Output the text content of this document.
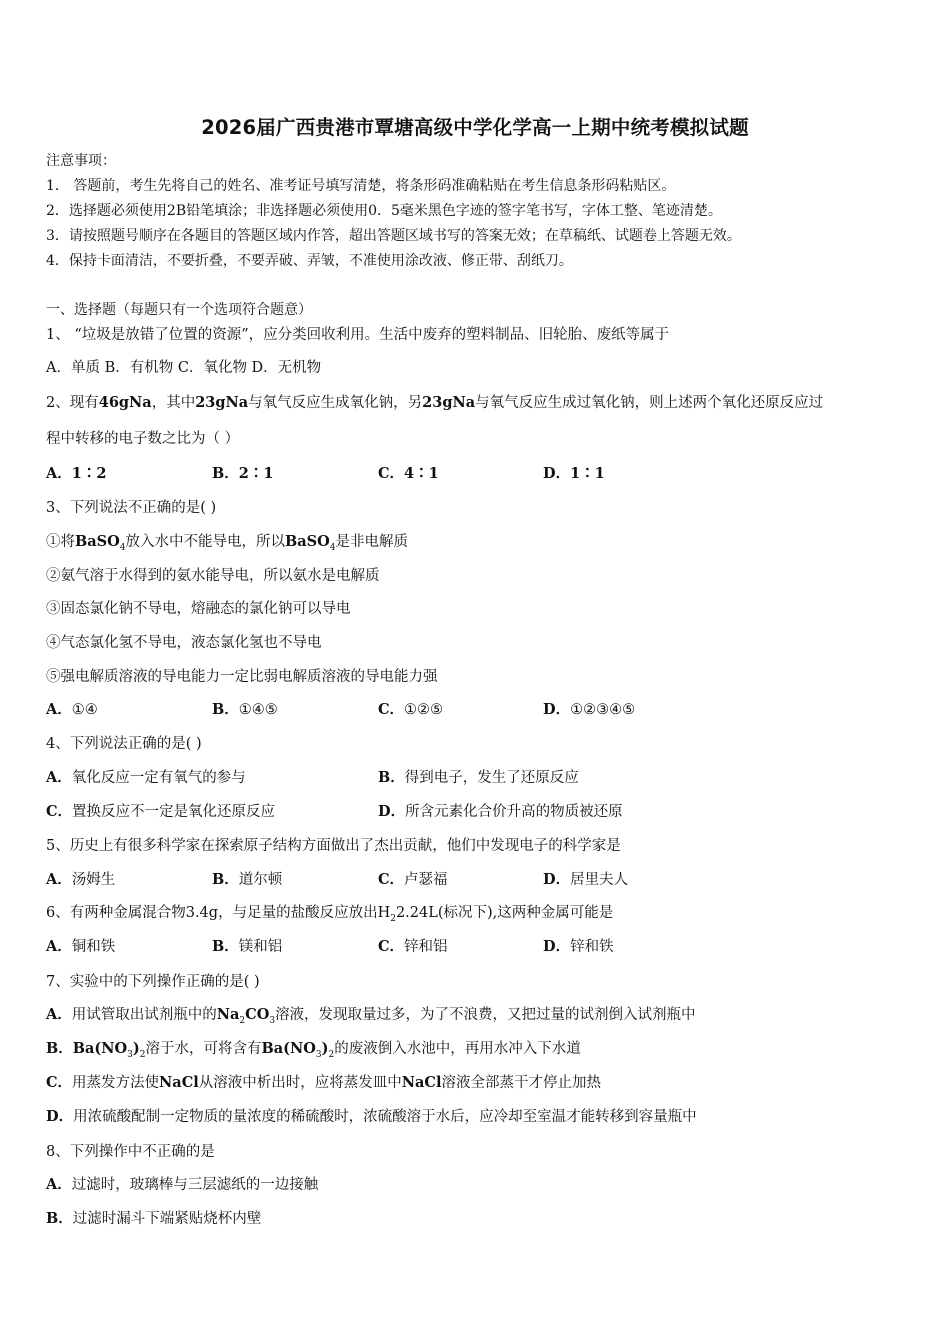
2026届广西贵港市覃塘高级中学化学高一上期中统考模拟试题
注意事项：
1． 答题前，考生先将自己的姓名、准考证号填写清楚，将条形码准确粘贴在考生信息条形码粘贴区。
2．选择题必须使用2B铅笔填涂；非选择题必须使用0．5毫米黑色字迹的签字笔书写，字体工整、笔迹清楚。
3．请按照题号顺序在各题目的答题区域内作答，超出答题区域书写的答案无效；在草稿纸、试题卷上答题无效。
4．保持卡面清洁，不要折叠，不要弄破、弄皱，不准使用涂改液、修正带、刮纸刀。
一、选择题（每题只有一个选项符合题意）
1、 “垃圾是放错了位置的资源”，应分类回收利用。生活中废弃的塑料制品、旧轮胎、废纸等属于
A．单质 B．有机物 C．氧化物 D．无机物
2、现有46gNa，其中23gNa与氧气反应生成氧化钠，另23gNa与氧气反应生成过氧化钠，则上述两个氧化还原反应过
程中转移的电子数之比为（ ）
A．1∶2	B．2∶1	C．4∶1	D．1∶1
3、下列说法不正确的是( )
①将BaSO$_4$放入水中不能导电，所以BaSO$_4$是非电解质
②氨气溶于水得到的氨水能导电，所以氨水是电解质
③固态氯化钠不导电，熔融态的氯化钠可以导电
④气态氯化氢不导电，液态氯化氢也不导电
⑤强电解质溶液的导电能力一定比弱电解质溶液的导电能力强
A．①④	B．①④⑤	C．①②⑤	D．①②③④⑤
4、下列说法正确的是( )
A．氧化反应一定有氧气的参与	B．得到电子，发生了还原反应
C．置换反应不一定是氧化还原反应	D．所含元素化合价升高的物质被还原
5、历史上有很多科学家在探索原子结构方面做出了杰出贡献，他们中发现电子的科学家是
A．汤姆生	B．道尔顿	C．卢瑟福	D．居里夫人
6、有两种金属混合物3.4g，与足量的盐酸反应放出$H_22.24L$(标况下),这两种金属可能是
A．铜和铁	B．镁和铝	C．锌和铝	D．锌和铁
7、实验中的下列操作正确的是( )
A．用试管取出试剂瓶中的$Na_2CO_3$溶液，发现取量过多，为了不浪费，又把过量的试剂倒入试剂瓶中
B．$Ba(NO_3)_2$溶于水，可将含有$Ba(NO_3)_2$的废液倒入水池中，再用水冲入下水道
C．用蒸发方法使NaCl从溶液中析出时，应将蒸发皿中NaCl溶液全部蒸干才停止加热
D．用浓硫酸配制一定物质的量浓度的稀硫酸时，浓硫酸溶于水后，应冷却至室温才能转移到容量瓶中
8、下列操作中不正确的是
A．过滤时，玻璃棒与三层滤纸的一边接触
B．过滤时漏斗下端紧贴烧杯内壁
